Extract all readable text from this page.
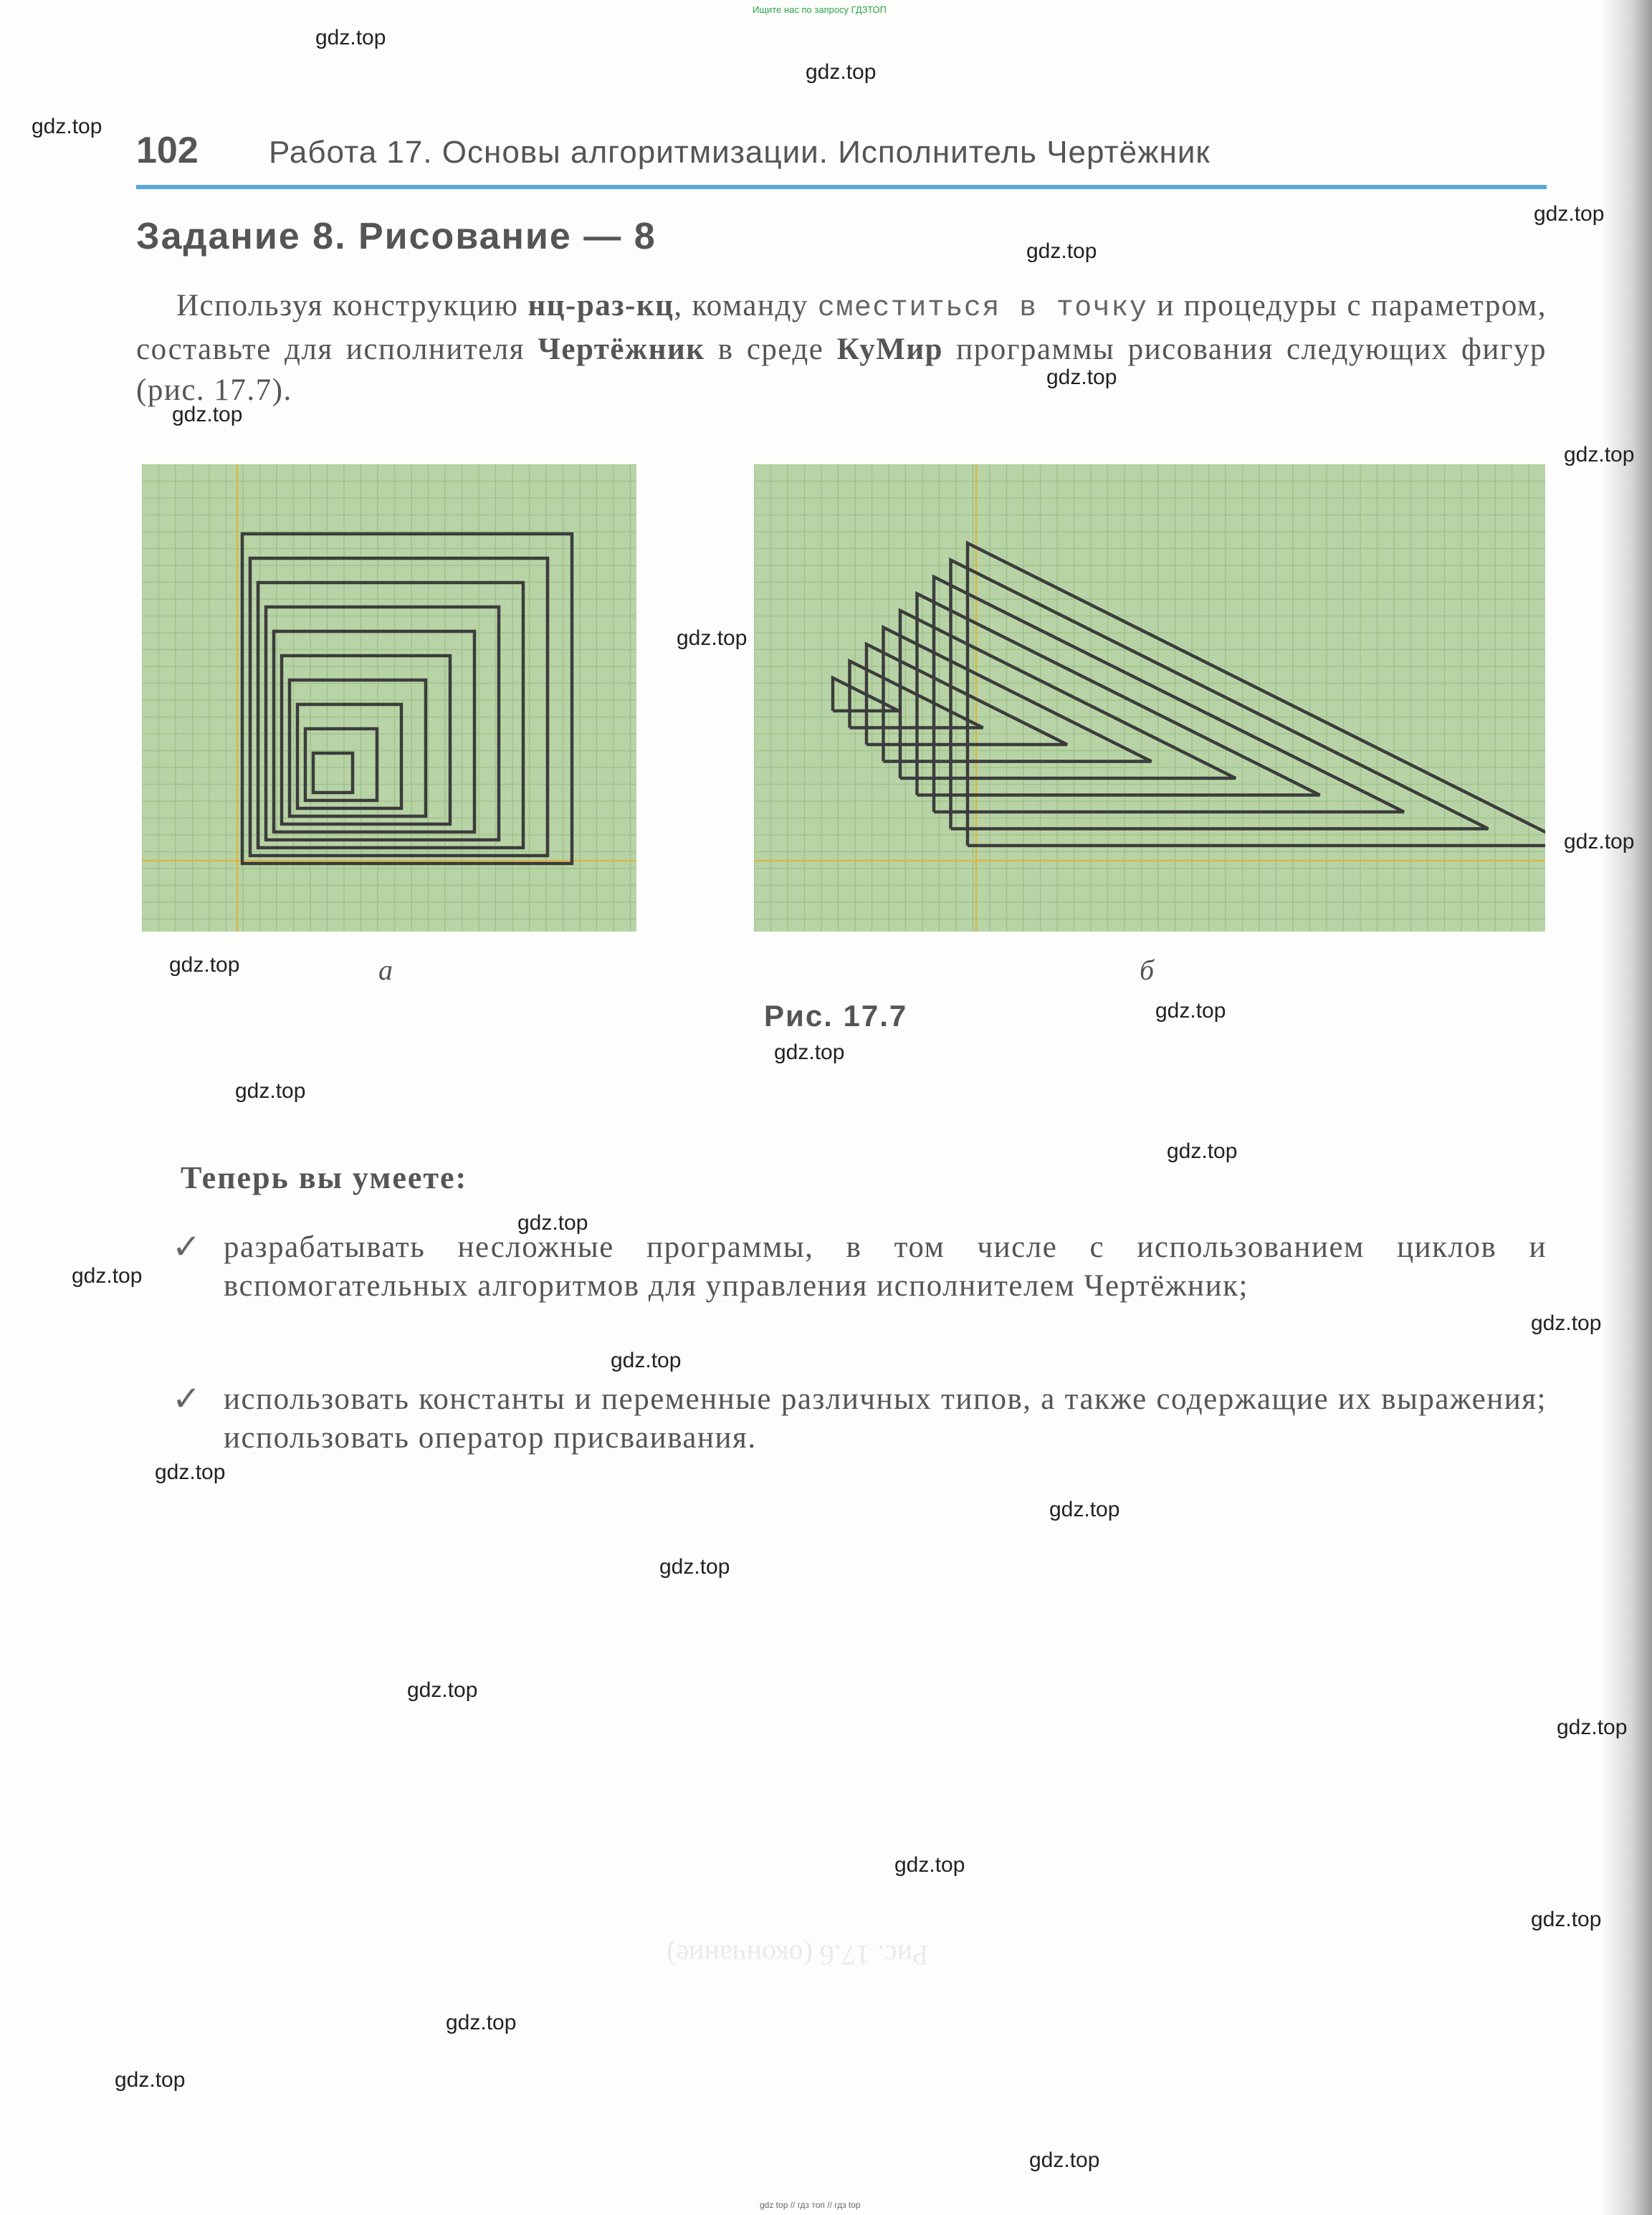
Ищите нас по запросу ГДЗТОП
102 Работа 17. Основы алгоритмизации. Исполнитель Чертёжник
Задание 8. Рисование — 8
Используя конструкцию нц-раз-кц, команду сместиться в точку и процедуры с параметром, составьте для исполнителя Чертёжник в среде КуМир программы рисования следующих фигур (рис. 17.7).
а	б
Рис. 17.7
Рис. 17.6 (окончание)
Теперь вы умеете:
✓ разрабатывать несложные программы, в том числе с использованием циклов и вспомогательных алгоритмов для управления исполнителем Чертёжник;
✓ использовать константы и переменные различных типов, а также содержащие их выражения; использовать оператор присваивания.
gdz.top
gdz.top
gdz.top
gdz.top
gdz.top
gdz.top
gdz.top
gdz.top
gdz.top
gdz.top
gdz.top
gdz.top
gdz.top
gdz.top
gdz.top
gdz.top
gdz.top
gdz.top
gdz.top
gdz.top
gdz.top
gdz.top
gdz.top
gdz.top
gdz.top
gdz.top
gdz.top
gdz.top
gdz.top
gdz top // гдз топ // гдз top
